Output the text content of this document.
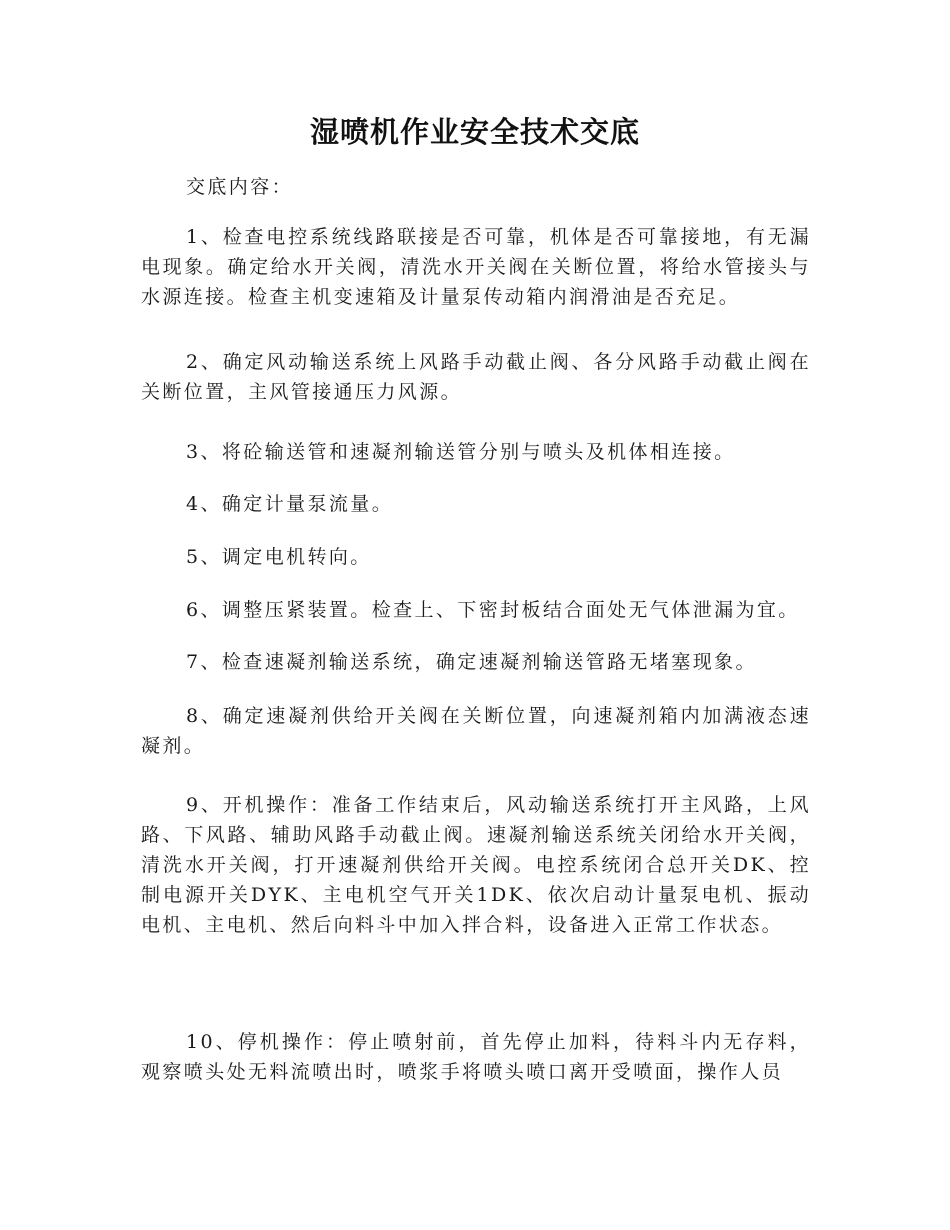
湿喷机作业安全技术交底

交底内容：

1、检查电控系统线路联接是否可靠，机体是否可靠接地，有无漏电现象。确定给水开关阀，清洗水开关阀在关断位置，将给水管接头与水源连接。检查主机变速箱及计量泵传动箱内润滑油是否充足。

2、确定风动输送系统上风路手动截止阀、各分风路手动截止阀在关断位置，主风管接通压力风源。

3、将砼输送管和速凝剂输送管分别与喷头及机体相连接。

4、确定计量泵流量。

5、调定电机转向。

6、调整压紧装置。检查上、下密封板结合面处无气体泄漏为宜。

7、检查速凝剂输送系统，确定速凝剂输送管路无堵塞现象。

8、确定速凝剂供给开关阀在关断位置，向速凝剂箱内加满液态速凝剂。

9、开机操作：准备工作结束后，风动输送系统打开主风路，上风路、下风路、辅助风路手动截止阀。速凝剂输送系统关闭给水开关阀，清洗水开关阀，打开速凝剂供给开关阀。电控系统闭合总开关DK、控制电源开关DYK、主电机空气开关1DK、依次启动计量泵电机、振动电机、主电机、然后向料斗中加入拌合料，设备进入正常工作状态。

10、停机操作：停止喷射前，首先停止加料，待料斗内无存料，观察喷头处无料流喷出时，喷浆手将喷头喷口离开受喷面，操作人员
